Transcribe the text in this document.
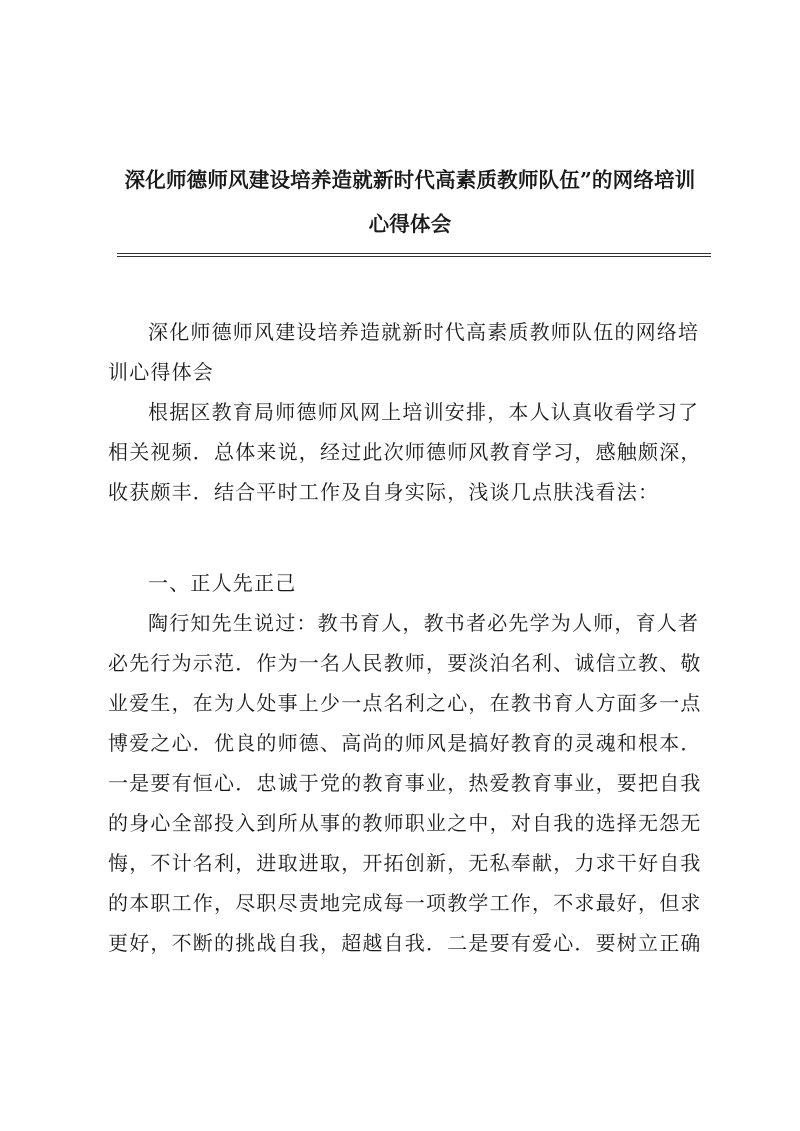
深化师德师风建设培养造就新时代高素质教师队伍”的网络培训
心得体会
深化师德师风建设培养造就新时代高素质教师队伍的网络培
训心得体会
根据区教育局师德师风网上培训安排，本人认真收看学习了
相关视频．总体来说，经过此次师德师风教育学习，感触颇深，
收获颇丰．结合平时工作及自身实际，浅谈几点肤浅看法：
一、正人先正己
陶行知先生说过：教书育人，教书者必先学为人师，育人者
必先行为示范．作为一名人民教师，要淡泊名利、诚信立教、敬
业爱生，在为人处事上少一点名利之心，在教书育人方面多一点
博爱之心．优良的师德、高尚的师风是搞好教育的灵魂和根本．
一是要有恒心．忠诚于党的教育事业，热爱教育事业，要把自我
的身心全部投入到所从事的教师职业之中，对自我的选择无怨无
悔，不计名利，进取进取，开拓创新，无私奉献，力求干好自我
的本职工作，尽职尽责地完成每一项教学工作，不求最好，但求
更好，不断的挑战自我，超越自我．二是要有爱心．要树立正确
